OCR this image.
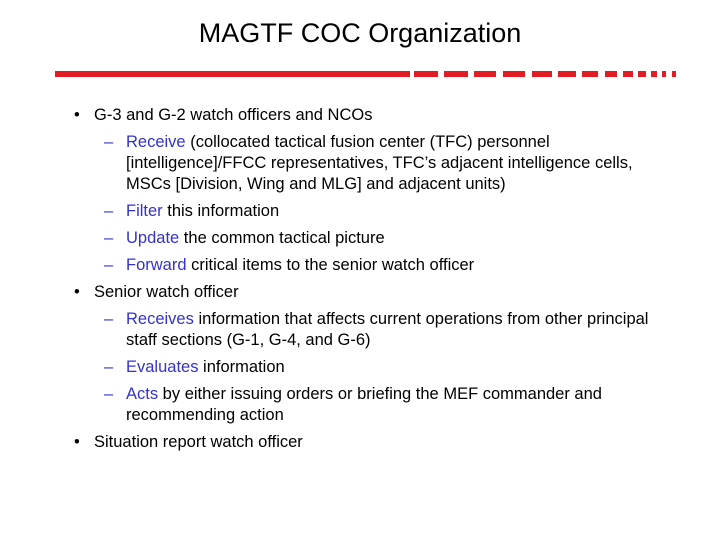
MAGTF COC Organization
• G-3 and G-2 watch officers and NCOs
– Receive (collocated tactical fusion center (TFC) personnel [intelligence]/FFCC representatives, TFC’s adjacent intelligence cells, MSCs [Division, Wing and MLG] and adjacent units)
– Filter this information
– Update the common tactical picture
– Forward critical items to the senior watch officer
• Senior watch officer
– Receives information that affects current operations from other principal staff sections (G-1, G-4, and G-6)
– Evaluates information
– Acts by either issuing orders or briefing the MEF commander and recommending action
• Situation report watch officer
